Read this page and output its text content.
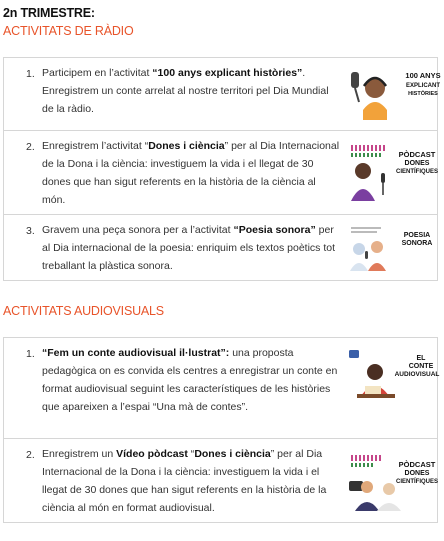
2n TRIMESTRE:
ACTIVITATS DE RÀDIO
1. Participem en l’activitat “100 anys explicant històries”. Enregistrem un conte arrelat al nostre territori pel Dia Mundial de la ràdio.
100 ANYS
EXPLICANT
HISTÒRIES
2. Enregistrem l’activitat “Dones i ciència” per al Dia Internacional de la Dona i la ciència: investiguem la vida i el llegat de 30 dones que han sigut referents en la història de la ciència al món.
PÒDCAST
DONES
CIENTÍFIQUES
3. Gravem una peça sonora per a l’activitat “Poesia sonora” per al Dia internacional de la poesia: enriquim els textos poètics tot treballant la plàstica sonora.
POESIA
SONORA
ACTIVITATS AUDIOVISUALS
1. “Fem un conte audiovisual il·lustrat”: una proposta pedagògica on es convida els centres a enregistrar un conte en format audiovisual seguint les característiques de les històries que apareixen a l’espai “Una mà de contes”.
EL
CONTE
AUDIOVISUAL
2. Enregistrem un Vídeo pòdcast “Dones i ciència” per al Dia Internacional de la Dona i la ciència: investiguem la vida i el llegat de 30 dones que han sigut referents en la història de la ciència al món en format audiovisual.
PÒDCAST
DONES
CIENTÍFIQUES
